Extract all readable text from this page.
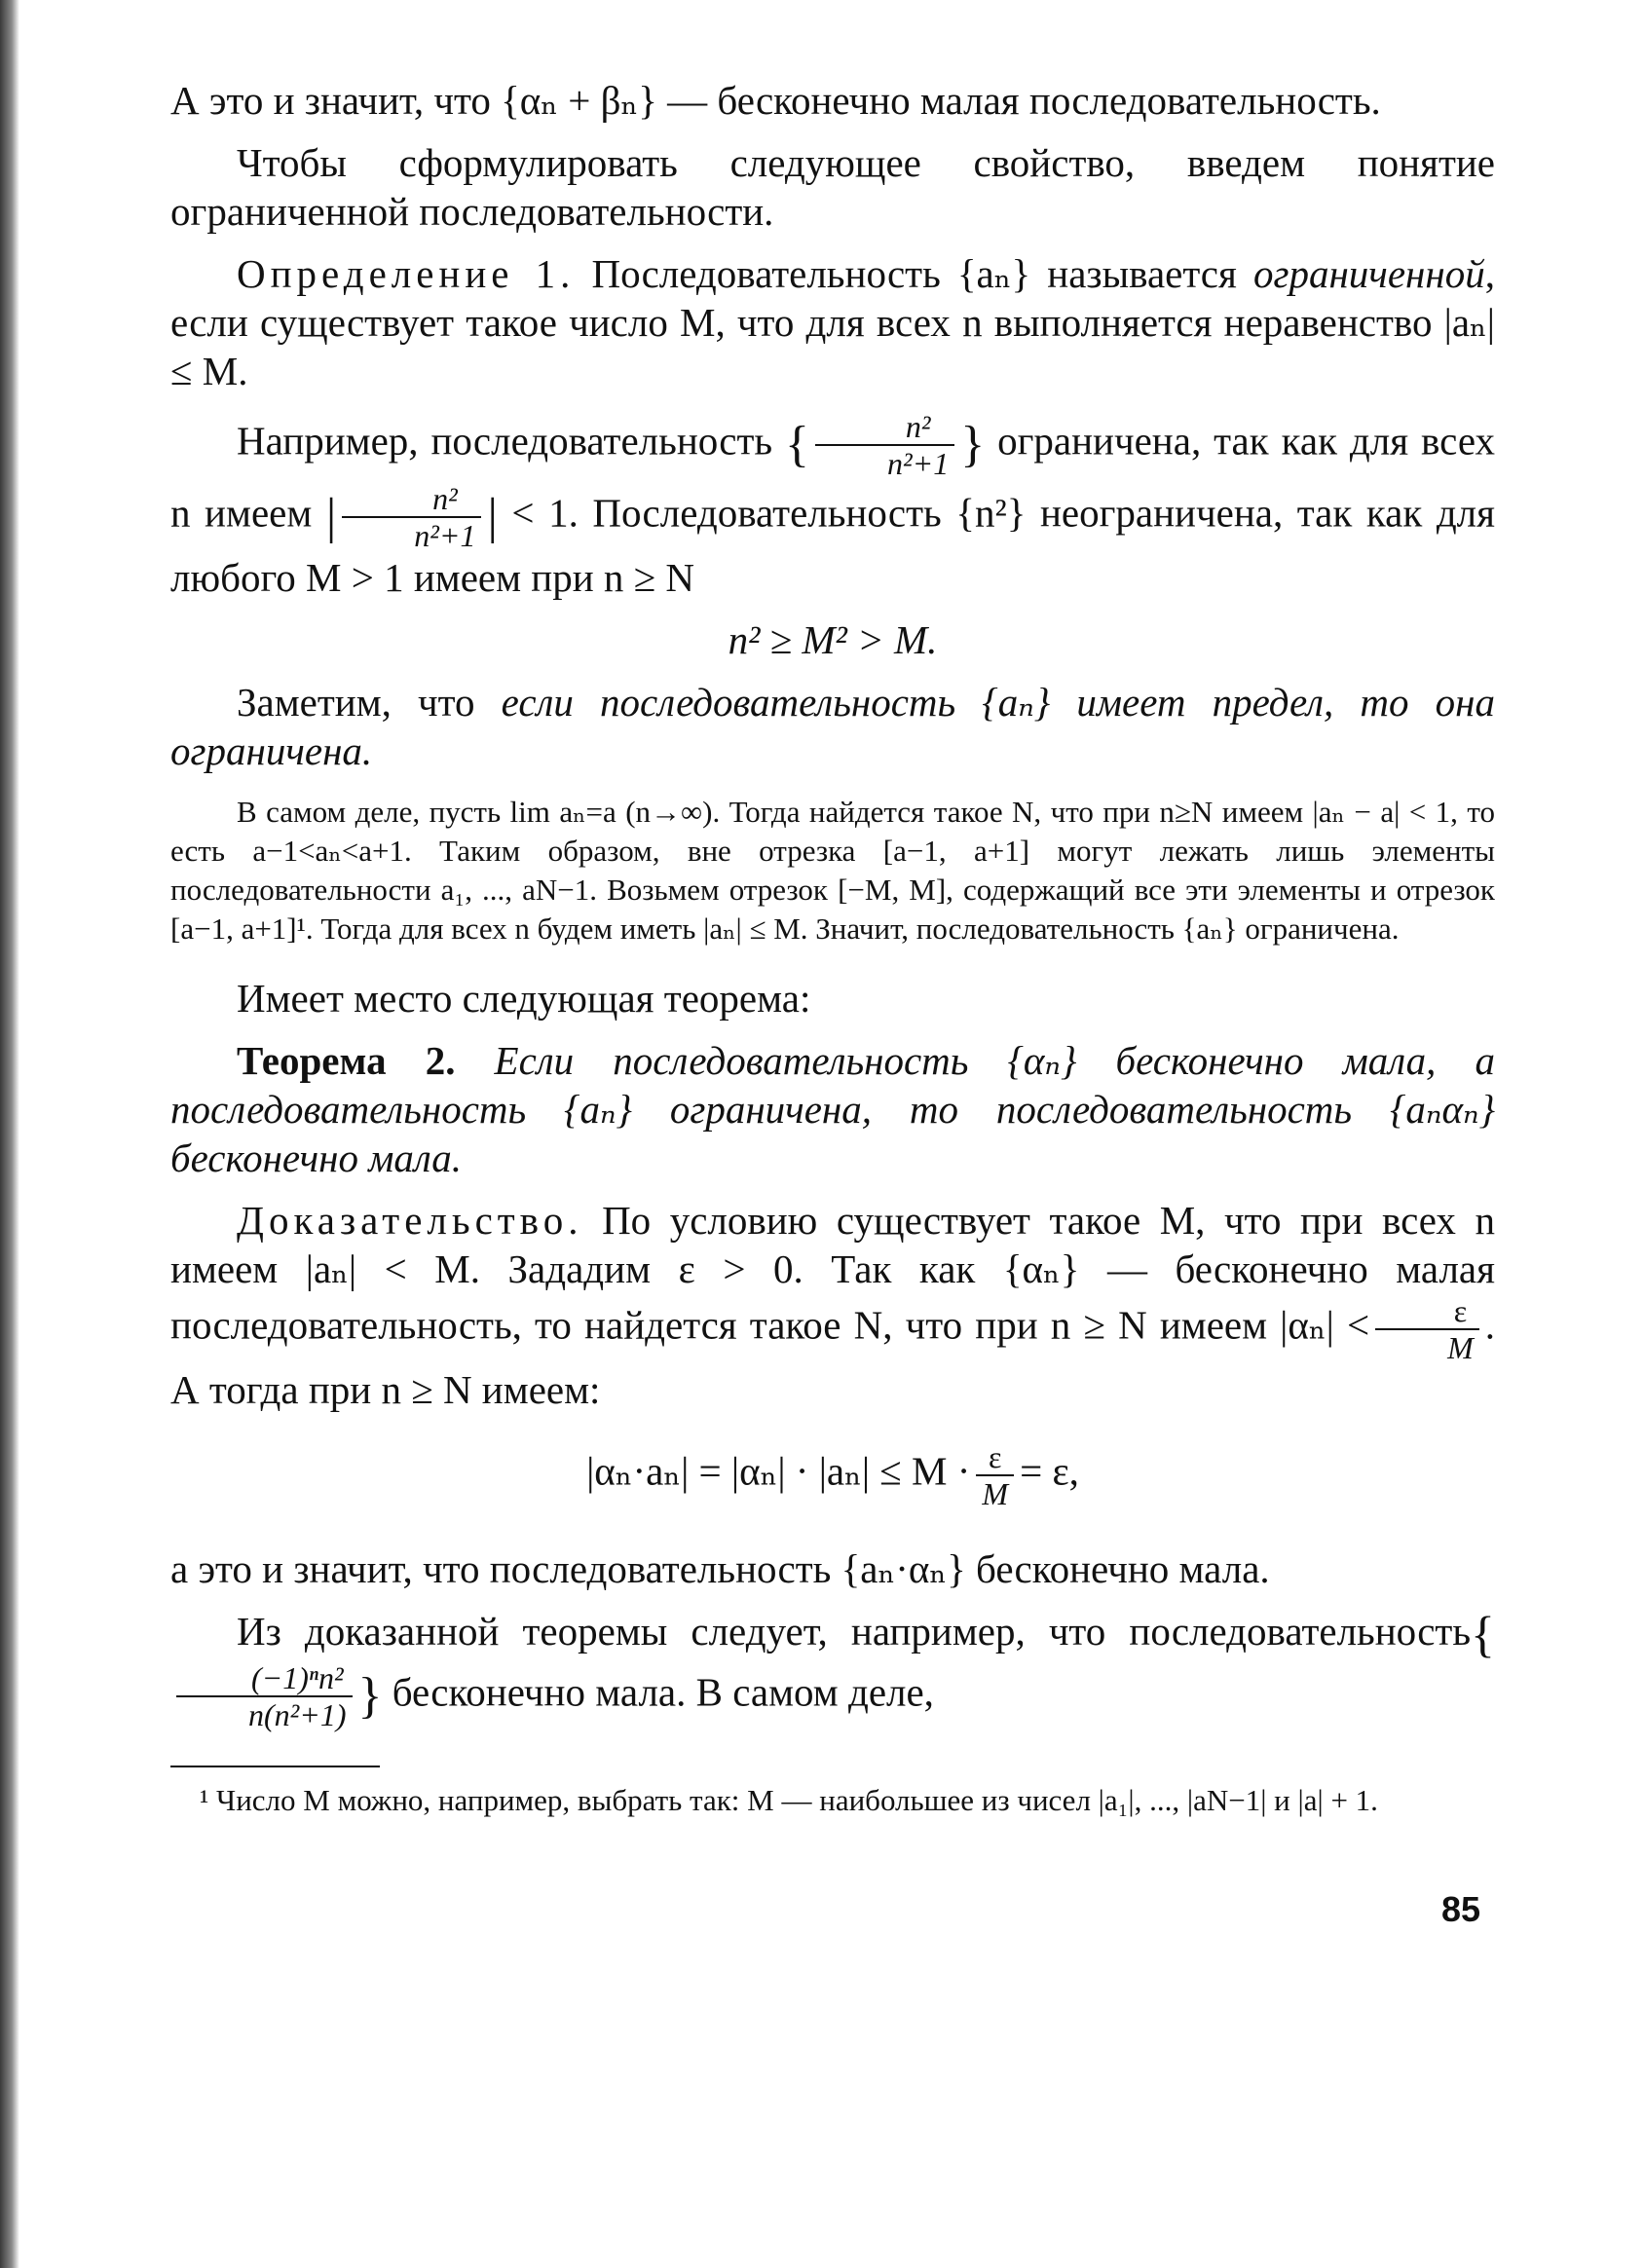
А это и значит, что {αₙ + βₙ} — бесконечно малая последовательность.

Чтобы сформулировать следующее свойство, введем понятие ограниченной последовательности.

Определение 1. Последовательность {aₙ} называется ограниченной, если существует такое число M, что для всех n выполняется неравенство |aₙ| ≤ M.

Например, последовательность { $\frac{\text{n²}}{\text{n²+1}}$ } ограничена, так как для всех n имеем | $\frac{\text{n²}}{\text{n²+1}}$ | < 1. Последовательность {n²} неограничена, так как для любого M > 1 имеем при n ≥ N

n² ≥ M² > M.

Заметим, что если последовательность {aₙ} имеет предел, то она ограничена.

В самом деле, пусть lim aₙ=a (n→∞). Тогда найдется такое N, что при n≥N имеем |aₙ − a| < 1, то есть a−1<aₙ<a+1. Таким образом, вне отрезка [a−1, a+1] могут лежать лишь элементы последовательности a₁, ..., aN−1. Возьмем отрезок [−M, M], содержащий все эти элементы и отрезок [a−1, a+1]¹. Тогда для всех n будем иметь |aₙ| ≤ M. Значит, последовательность {aₙ} ограничена.

Имеет место следующая теорема:

Теорема 2. Если последовательность {αₙ} бесконечно мала, а последовательность {aₙ} ограничена, то последовательность {aₙαₙ} бесконечно мала.

Доказательство. По условию существует такое M, что при всех n имеем |aₙ| < M. Зададим ε > 0. Так как {αₙ} — бесконечно малая последовательность, то найдется такое N, что при n ≥ N имеем $|\alpha_n| < \frac{\varepsilon}{M}$ . А тогда при n ≥ N имеем:

$|\alpha_n\cdot a_n| = |\alpha_n| \cdot |a_n| \le M \cdot \frac{\varepsilon}{M} = \varepsilon$,

а это и значит, что последовательность {aₙ·αₙ} бесконечно мала.

Из доказанной теоремы следует, например, что последовательность{
$\frac{\text{(−1)ⁿn²}}{\text{n(n²+1)}}$ } бесконечно мала. В самом деле,

¹ Число M можно, например, выбрать так: M — наибольшее из чисел |a₁|, ..., |aN−1| и |a| + 1.

85
